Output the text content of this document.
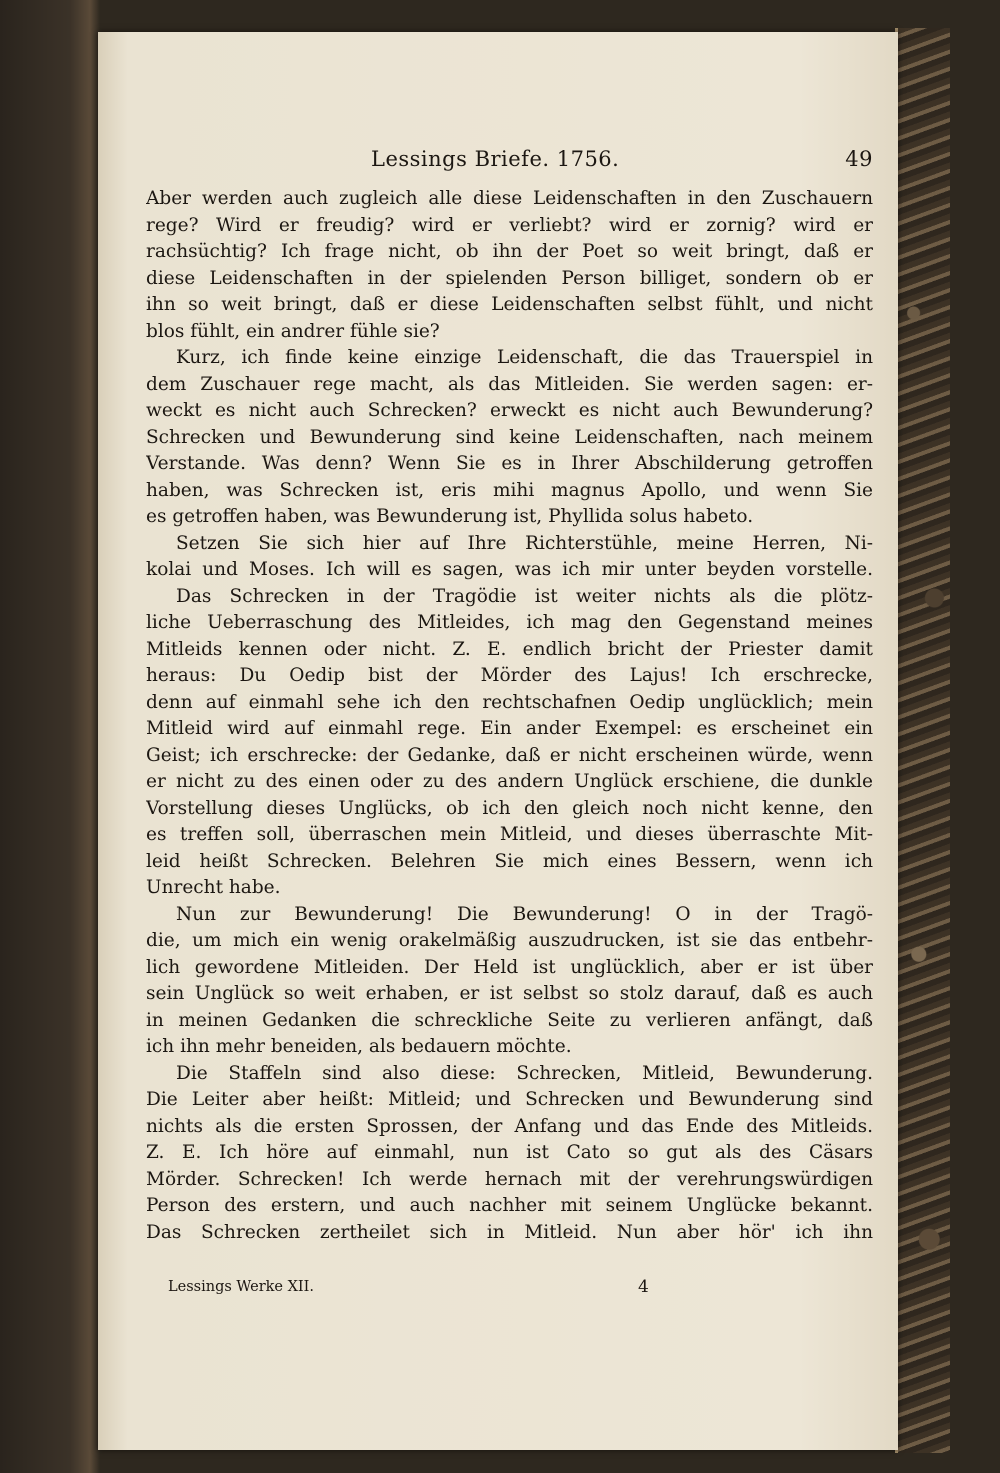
Lessings Briefe. 1756.	49
Aber werden auch zugleich alle diese Leidenschaften in den Zuschauern
rege? Wird er freudig? wird er verliebt? wird er zornig? wird er
rachsüchtig? Ich frage nicht, ob ihn der Poet so weit bringt, daß er
diese Leidenschaften in der spielenden Person billiget, sondern ob er
ihn so weit bringt, daß er diese Leidenschaften selbst fühlt, und nicht
blos fühlt, ein andrer fühle sie?
Kurz, ich finde keine einzige Leidenschaft, die das Trauerspiel in
dem Zuschauer rege macht, als das Mitleiden. Sie werden sagen: er-
weckt es nicht auch Schrecken? erweckt es nicht auch Bewunderung?
Schrecken und Bewunderung sind keine Leidenschaften, nach meinem
Verstande. Was denn? Wenn Sie es in Ihrer Abschilderung getroffen
haben, was Schrecken ist, eris mihi magnus Apollo, und wenn Sie
es getroffen haben, was Bewunderung ist, Phyllida solus habeto.
Setzen Sie sich hier auf Ihre Richterstühle, meine Herren, Ni-
kolai und Moses. Ich will es sagen, was ich mir unter beyden vorstelle.
Das Schrecken in der Tragödie ist weiter nichts als die plötz-
liche Ueberraschung des Mitleides, ich mag den Gegenstand meines
Mitleids kennen oder nicht. Z. E. endlich bricht der Priester damit
heraus: Du Oedip bist der Mörder des Lajus! Ich erschrecke,
denn auf einmahl sehe ich den rechtschafnen Oedip unglücklich; mein
Mitleid wird auf einmahl rege. Ein ander Exempel: es erscheinet ein
Geist; ich erschrecke: der Gedanke, daß er nicht erscheinen würde, wenn
er nicht zu des einen oder zu des andern Unglück erschiene, die dunkle
Vorstellung dieses Unglücks, ob ich den gleich noch nicht kenne, den
es treffen soll, überraschen mein Mitleid, und dieses überraschte Mit-
leid heißt Schrecken. Belehren Sie mich eines Bessern, wenn ich
Unrecht habe.
Nun zur Bewunderung! Die Bewunderung! O in der Tragö-
die, um mich ein wenig orakelmäßig auszudrucken, ist sie das entbehr-
lich gewordene Mitleiden. Der Held ist unglücklich, aber er ist über
sein Unglück so weit erhaben, er ist selbst so stolz darauf, daß es auch
in meinen Gedanken die schreckliche Seite zu verlieren anfängt, daß
ich ihn mehr beneiden, als bedauern möchte.
Die Staffeln sind also diese: Schrecken, Mitleid, Bewunderung.
Die Leiter aber heißt: Mitleid; und Schrecken und Bewunderung sind
nichts als die ersten Sprossen, der Anfang und das Ende des Mitleids.
Z. E. Ich höre auf einmahl, nun ist Cato so gut als des Cäsars
Mörder. Schrecken! Ich werde hernach mit der verehrungswürdigen
Person des erstern, und auch nachher mit seinem Unglücke bekannt.
Das Schrecken zertheilet sich in Mitleid. Nun aber hör' ich ihn
Lessings Werke XII.	4
